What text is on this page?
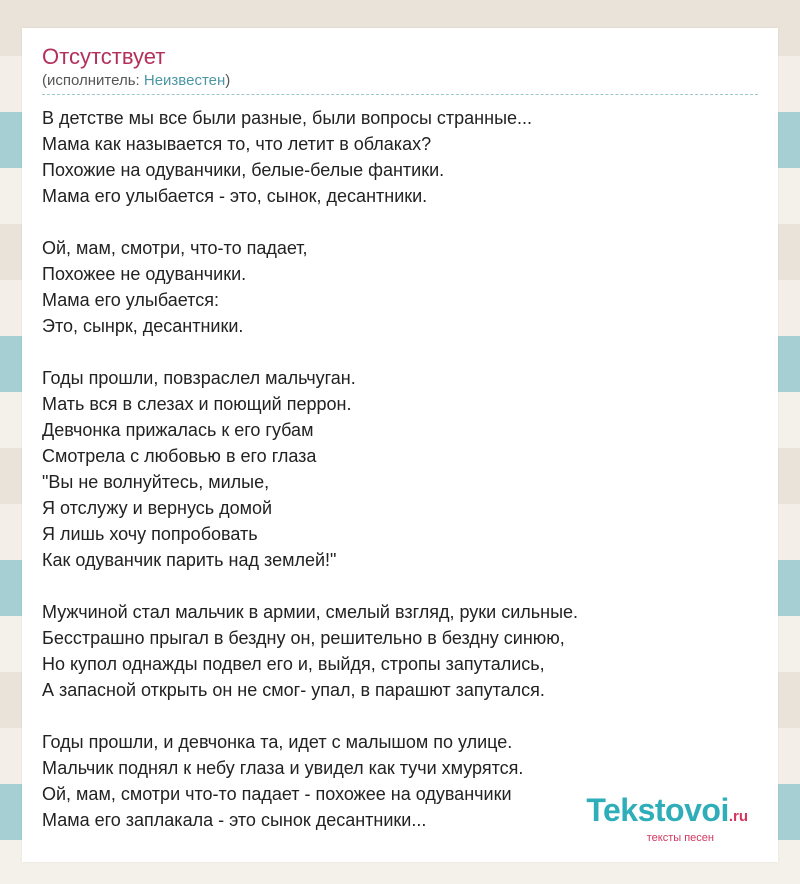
Отсутствует
(исполнитель: Неизвестен)
В детстве мы все были разные, были вопросы странные...
Мама как называется то, что летит в облаках?
Похожие на одуванчики, белые-белые фантики.
Мама его улыбается - это, сынок, десантники.
Ой, мам, смотри, что-то падает,
Похожее не одуванчики.
Мама его улыбается:
Это, сынрк, десантники.
Годы прошли, повзраслел мальчуган.
Мать вся в слезах и поющий перрон.
Девчонка прижалась к его губам
Смотрела с любовью в его глаза
"Вы не волнуйтесь, милые,
Я отслужу и вернусь домой
Я лишь хочу попробовать
Как одуванчик парить над землей!"
Мужчиной стал мальчик в армии, смелый взгляд, руки сильные.
Бесстрашно прыгал в бездну он, решительно в бездну синюю,
Но купол однажды подвел его и, выйдя, стропы запутались,
А запасной открыть он не смог- упал, в парашют запутался.
Годы прошли, и девчонка та, идет с малышом по улице.
Мальчик поднял к небу глаза и увидел как тучи хмурятся.
Ой, мам, смотри что-то падает - похожее на одуванчики
Мама его заплакала - это сынок десантники...	Tekstovoi.ru
тексты песен
